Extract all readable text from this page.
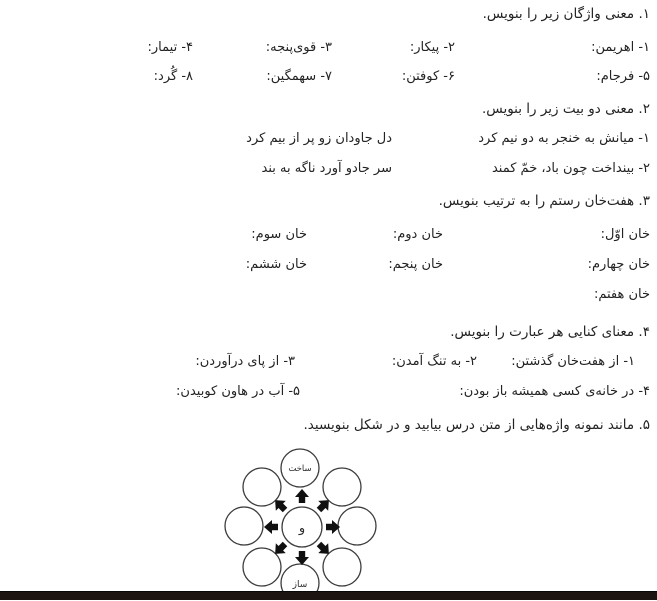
۱. معنی واژگان زیر را بنویس.
۱- اهریمن:
۲- پیکار:
۳- قوی‌پنجه:
۴- تیمار:
۵- فرجام:
۶- کوفتن:
۷- سهمگین:
۸- گُرد:
۲. معنی دو بیت زیر را بنویس.
۱- میانش به خنجر به دو نیم کرد
دل جاودان زو پر از بیم کرد
۲- بینداخت چون باد، خمّ کمند
سر جادو آورد ناگه به بند
۳. هفت‌خان رستم را به ترتیب بنویس.
خان اوّل:
خان دوم:
خان سوم:
خان چهارم:
خان پنجم:
خان ششم:
خان هفتم:
۴. معنای کنایی هر عبارت را بنویس.
۱- از هفت‌خان گذشتن:
۲- به تنگ آمدن:
۳- از پای درآوردن:
۴- در خانه‌ی کسی همیشه باز بودن:
۵- آب در هاون کوبیدن:
۵. مانند نمونه واژه‌هایی از متن درس بیابید و در شکل بنویسید.
ساخت
و
ساز
